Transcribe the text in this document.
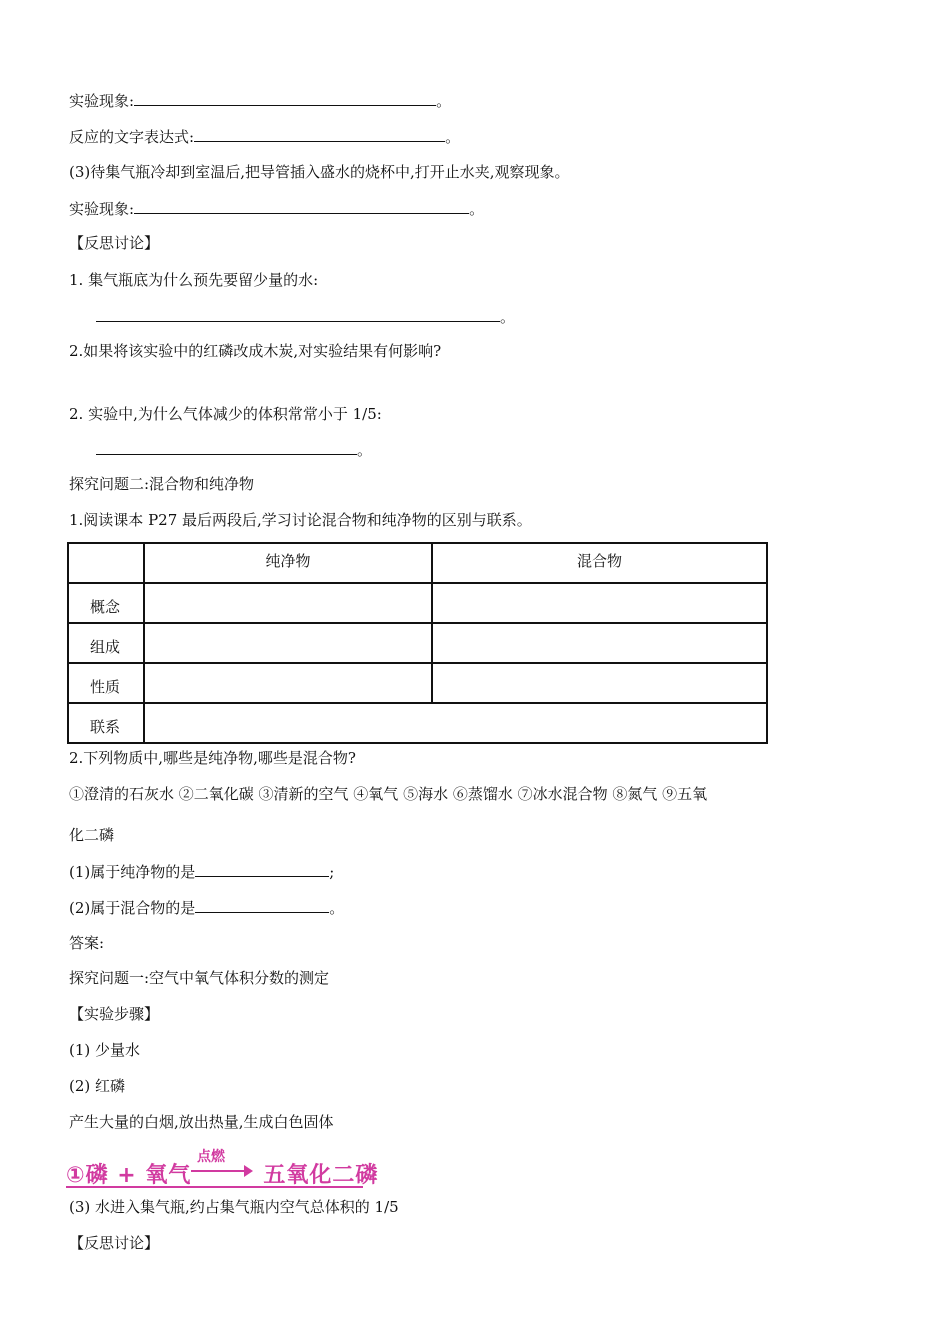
实验现象:	。
反应的文字表达式:	。
(3)待集气瓶冷却到室温后,把导管插入盛水的烧杯中,打开止水夹,观察现象。
实验现象:	。
【反思讨论】
1. 集气瓶底为什么预先要留少量的水:
。
2.如果将该实验中的红磷改成木炭,对实验结果有何影响?
2. 实验中,为什么气体减少的体积常常小于 1/5:
。
探究问题二:混合物和纯净物
1.阅读课本 P27 最后两段后,学习讨论混合物和纯净物的区别与联系。
	纯净物	混合物
概念		
组成		
性质		
联系		
2.下列物质中,哪些是纯净物,哪些是混合物?
①澄清的石灰水 ②二氧化碳 ③清新的空气 ④氧气 ⑤海水 ⑥蒸馏水 ⑦冰水混合物 ⑧氮气 ⑨五氧
化二磷
(1)属于纯净物的是	;
(2)属于混合物的是	。
答案:
探究问题一:空气中氧气体积分数的测定
【实验步骤】
(1) 少量水
(2) 红磷
产生大量的白烟,放出热量,生成白色固体
点燃
①磷 + 氧气	五氧化二磷
(3) 水进入集气瓶,约占集气瓶内空气总体积的 1/5
【反思讨论】
